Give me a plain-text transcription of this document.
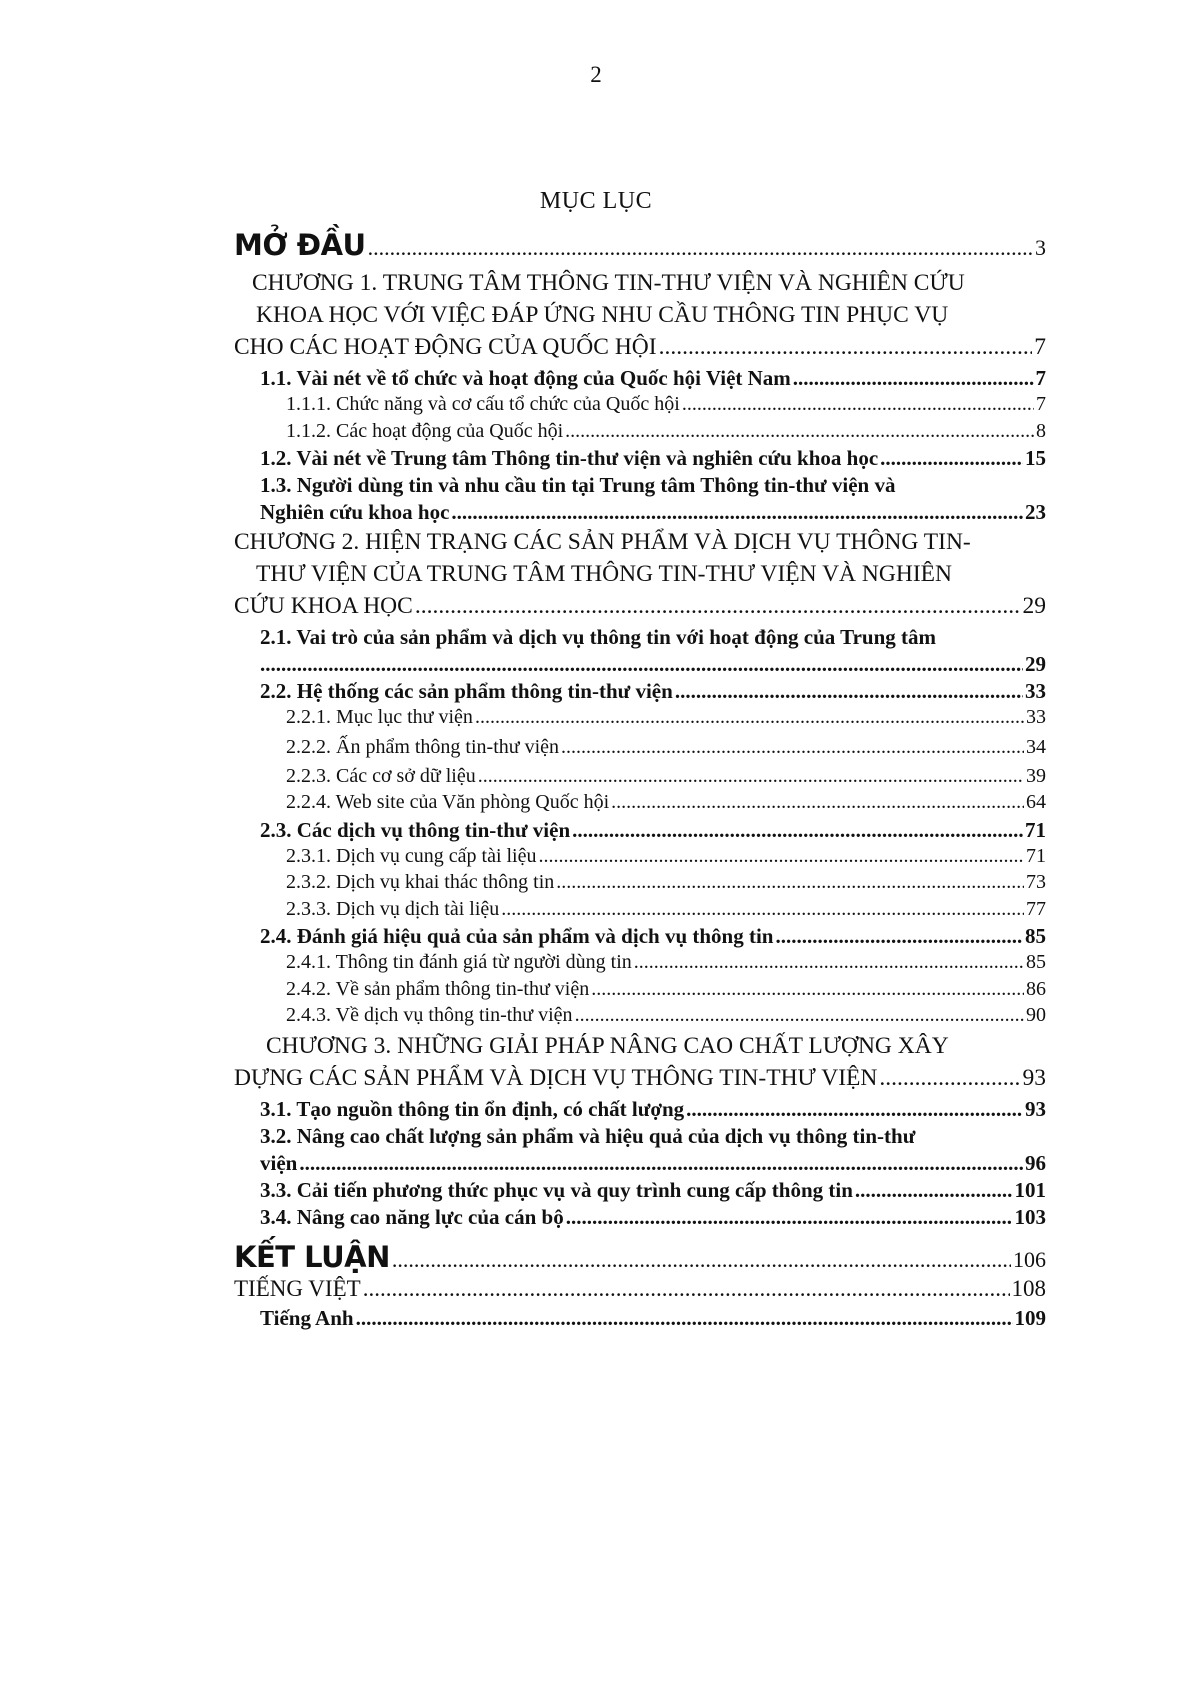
2
MỤC LỤC
MỞ ĐẦU .....	3
CHƯƠNG 1. TRUNG TÂM THÔNG TIN-THƯ VIỆN VÀ NGHIÊN CỨU
KHOA HỌC VỚI VIỆC ĐÁP ỨNG NHU CẦU THÔNG TIN PHỤC VỤ
CHO CÁC HOẠT ĐỘNG CỦA QUỐC HỘI .....	7
1.1. Vài nét về tổ chức và hoạt động của Quốc hội Việt Nam .....	7
1.1.1. Chức năng và cơ cấu tổ chức của Quốc hội .....	7
1.1.2. Các hoạt động của Quốc hội .....	8
1.2. Vài nét về Trung tâm Thông tin-thư viện và nghiên cứu khoa học .....	15
1.3. Người dùng tin và nhu cầu tin tại Trung tâm Thông tin-thư viện và
Nghiên cứu khoa học .....	23
CHƯƠNG 2. HIỆN TRẠNG CÁC SẢN PHẨM VÀ DỊCH VỤ THÔNG TIN-
THƯ VIỆN CỦA TRUNG TÂM THÔNG TIN-THƯ VIỆN VÀ NGHIÊN
CỨU KHOA HỌC .....	29
2.1. Vai trò của sản phẩm và dịch vụ thông tin với hoạt động của Trung tâm
.....
29
2.2. Hệ thống các sản phẩm thông tin-thư viện .....	33
2.2.1. Mục lục thư viện .....	33
2.2.2. Ấn phẩm thông tin-thư viện .....	34
2.2.3. Các cơ sở dữ liệu .....	39
2.2.4. Web site của Văn phòng Quốc hội .....	64
2.3. Các dịch vụ thông tin-thư viện .....	71
2.3.1. Dịch vụ cung cấp tài liệu .....	71
2.3.2. Dịch vụ khai thác thông tin .....	73
2.3.3. Dịch vụ dịch tài liệu .....	77
2.4. Đánh giá hiệu quả của sản phẩm và dịch vụ thông tin .....	85
2.4.1. Thông tin đánh giá từ người dùng tin .....	85
2.4.2. Về sản phẩm thông tin-thư viện .....	86
2.4.3. Về dịch vụ thông tin-thư viện .....	90
CHƯƠNG 3. NHỮNG GIẢI PHÁP NÂNG CAO CHẤT LƯỢNG XÂY
DỰNG CÁC SẢN PHẨM VÀ DỊCH VỤ THÔNG TIN-THƯ VIỆN .....	93
3.1. Tạo nguồn thông tin ổn định, có chất lượng .....	93
3.2. Nâng cao chất lượng sản phẩm và hiệu quả của dịch vụ thông tin-thư
viện .....	96
3.3. Cải tiến phương thức phục vụ và quy trình cung cấp thông tin .....	101
3.4. Nâng cao năng lực của cán bộ .....	103
KẾT LUẬN .....	106
TIẾNG VIỆT .....	108
Tiếng Anh .....	109
